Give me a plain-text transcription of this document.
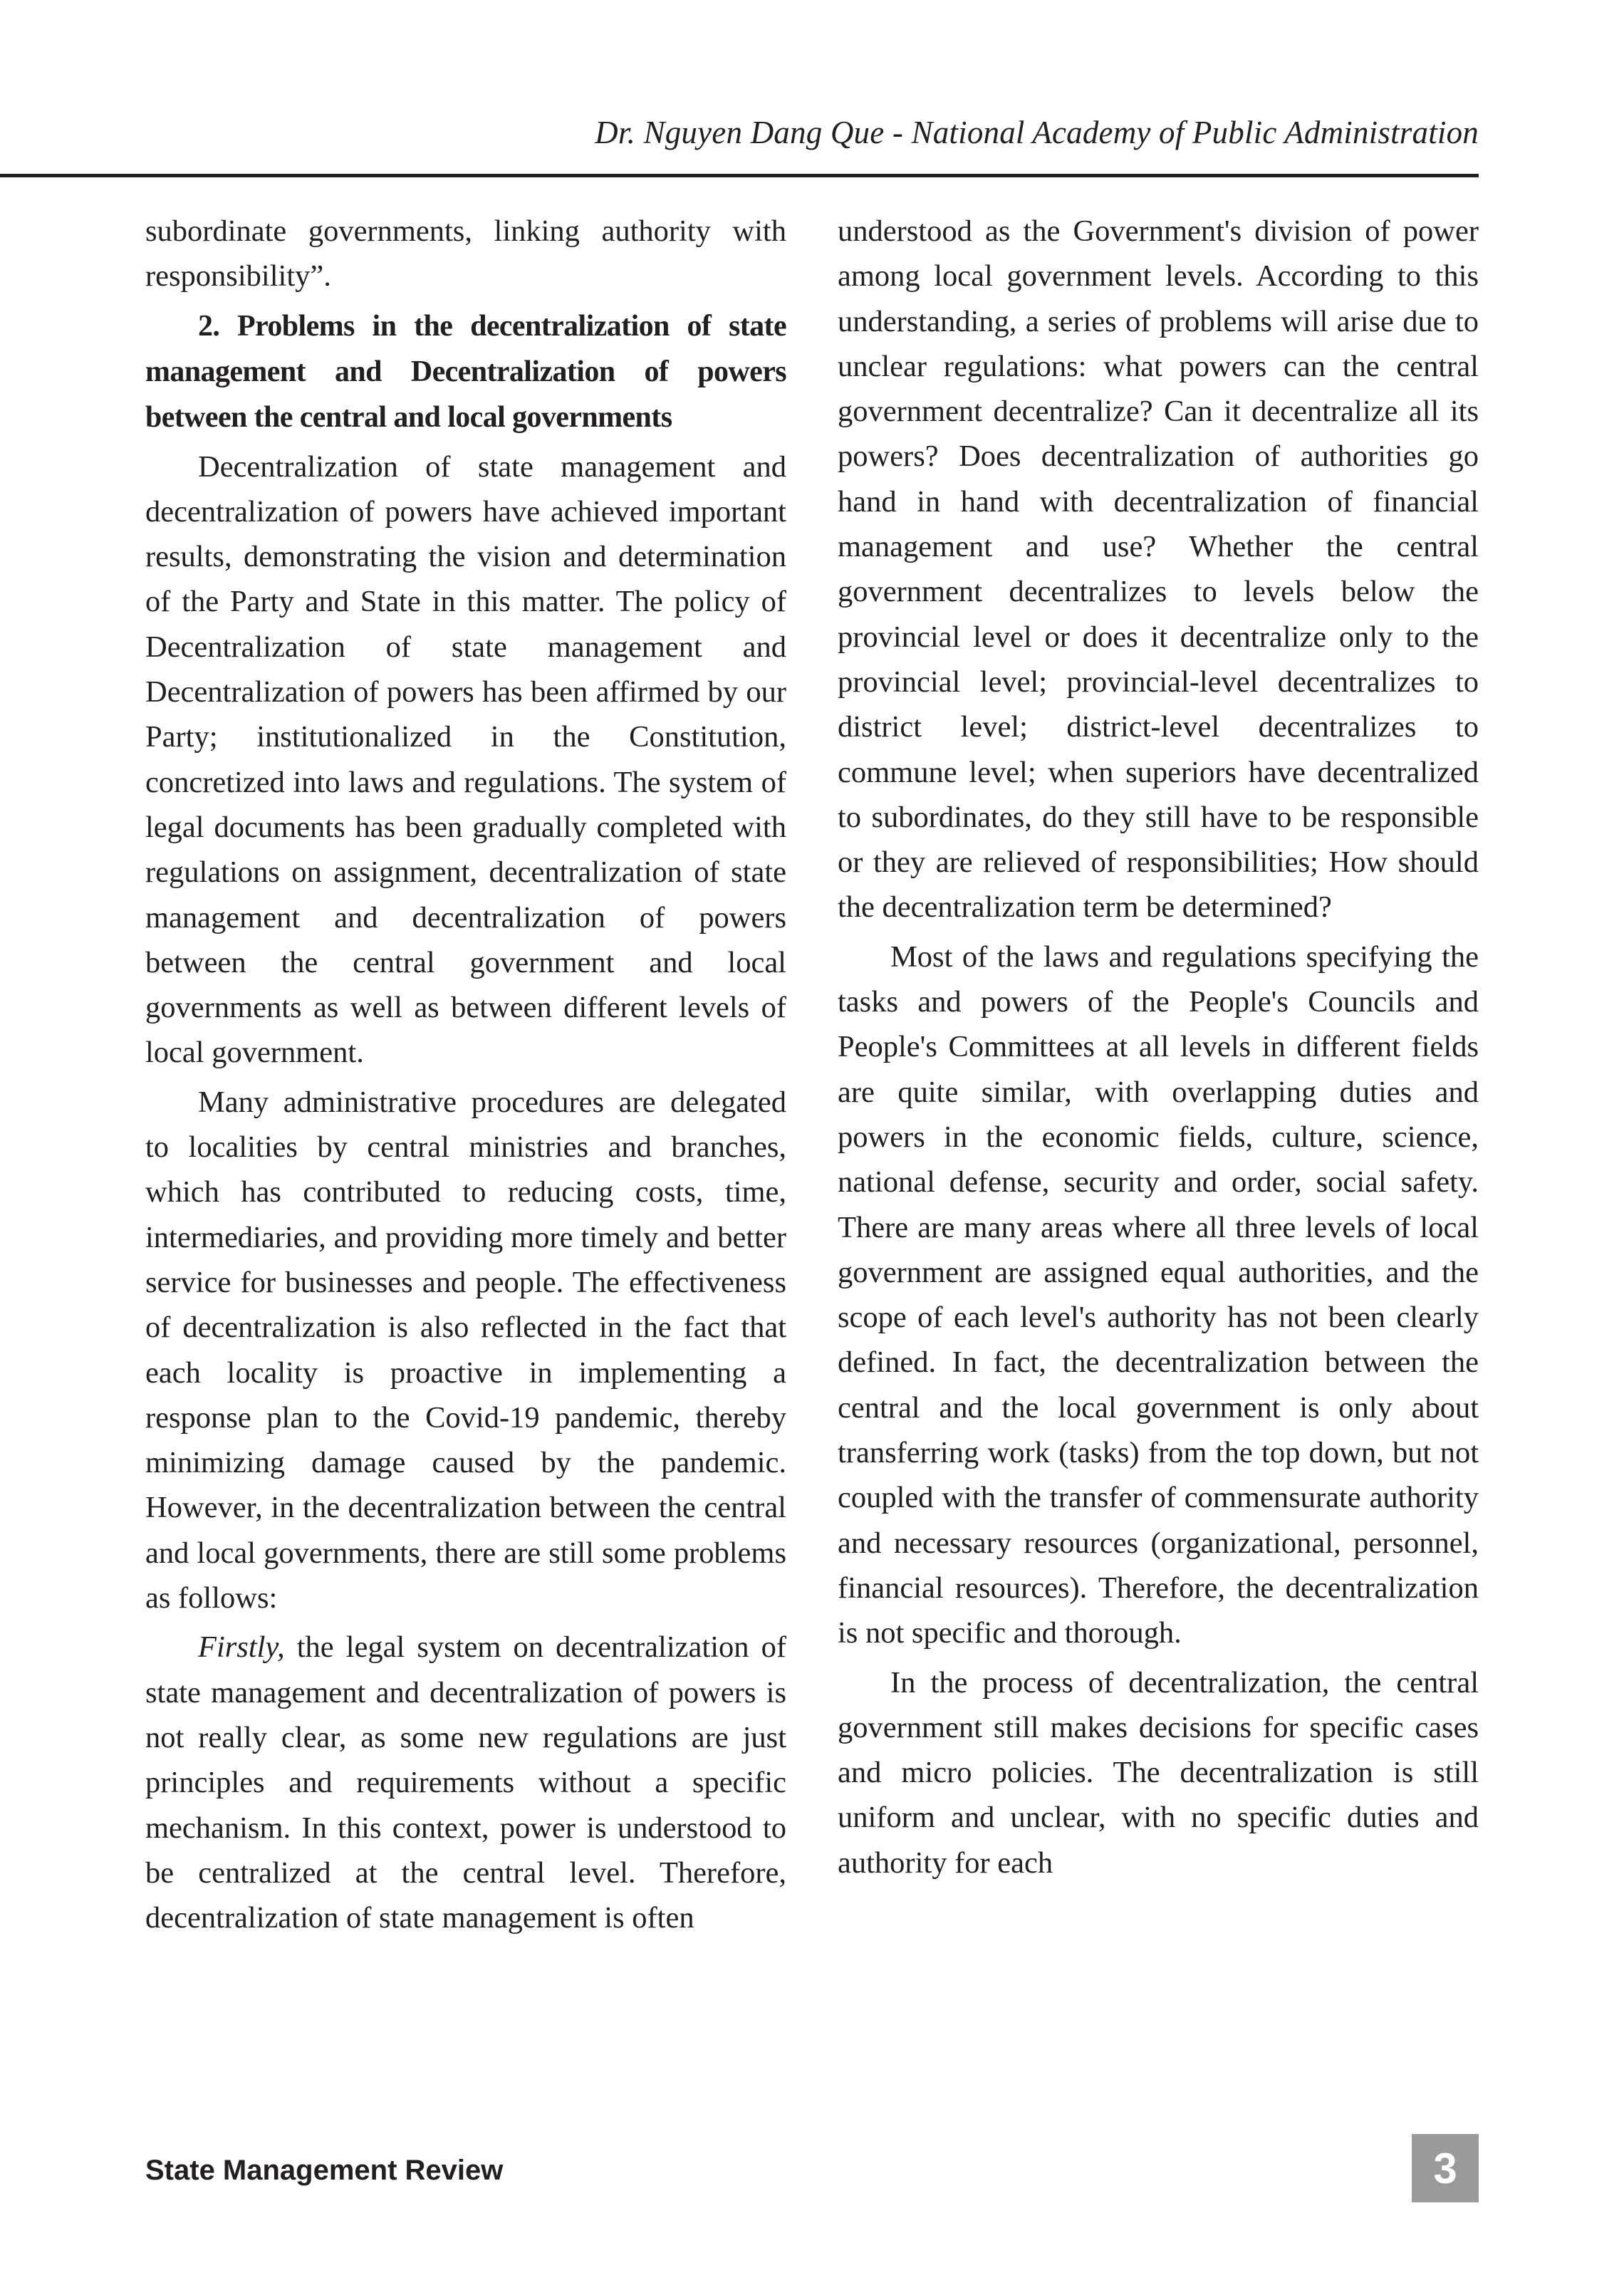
Dr. Nguyen Dang Que - National Academy of Public Administration

subordinate governments, linking authority with responsibility”.

2. Problems in the decentralization of state management and Decentralization of powers between the central and local governments

Decentralization of state management and decentralization of powers have achieved important results, demonstrating the vision and determination of the Party and State in this matter. The policy of Decentralization of state management and Decentralization of powers has been affirmed by our Party; institutionalized in the Constitution, concretized into laws and regulations. The system of legal documents has been gradually completed with regulations on assignment, decentralization of state management and decentralization of powers between the central government and local governments as well as between different levels of local government.

Many administrative procedures are delegated to localities by central ministries and branches, which has contributed to reducing costs, time, intermediaries, and providing more timely and better service for businesses and people. The effectiveness of decentralization is also reflected in the fact that each locality is proactive in implementing a response plan to the Covid-19 pandemic, thereby minimizing damage caused by the pandemic. However, in the decentralization between the central and local governments, there are still some problems as follows:

Firstly, the legal system on decentralization of state management and decentralization of powers is not really clear, as some new regulations are just principles and requirements without a specific mechanism. In this context, power is understood to be centralized at the central level. Therefore, decentralization of state management is often

understood as the Government's division of power among local government levels. According to this understanding, a series of problems will arise due to unclear regulations: what powers can the central government decentralize? Can it decentralize all its powers? Does decentralization of authorities go hand in hand with decentralization of financial management and use? Whether the central government decentralizes to levels below the provincial level or does it decentralize only to the provincial level; provincial-level decentralizes to district level; district-level decentralizes to commune level; when superiors have decentralized to subordinates, do they still have to be responsible or they are relieved of responsibilities; How should the decentralization term be determined?

Most of the laws and regulations specifying the tasks and powers of the People's Councils and People's Committees at all levels in different fields are quite similar, with overlapping duties and powers in the economic fields, culture, science, national defense, security and order, social safety. There are many areas where all three levels of local government are assigned equal authorities, and the scope of each level's authority has not been clearly defined. In fact, the decentralization between the central and the local government is only about transferring work (tasks) from the top down, but not coupled with the transfer of commensurate authority and necessary resources (organizational, personnel, financial resources). Therefore, the decentralization is not specific and thorough.

In the process of decentralization, the central government still makes decisions for specific cases and micro policies. The decentralization is still uniform and unclear, with no specific duties and authority for each

State Management Review	3
